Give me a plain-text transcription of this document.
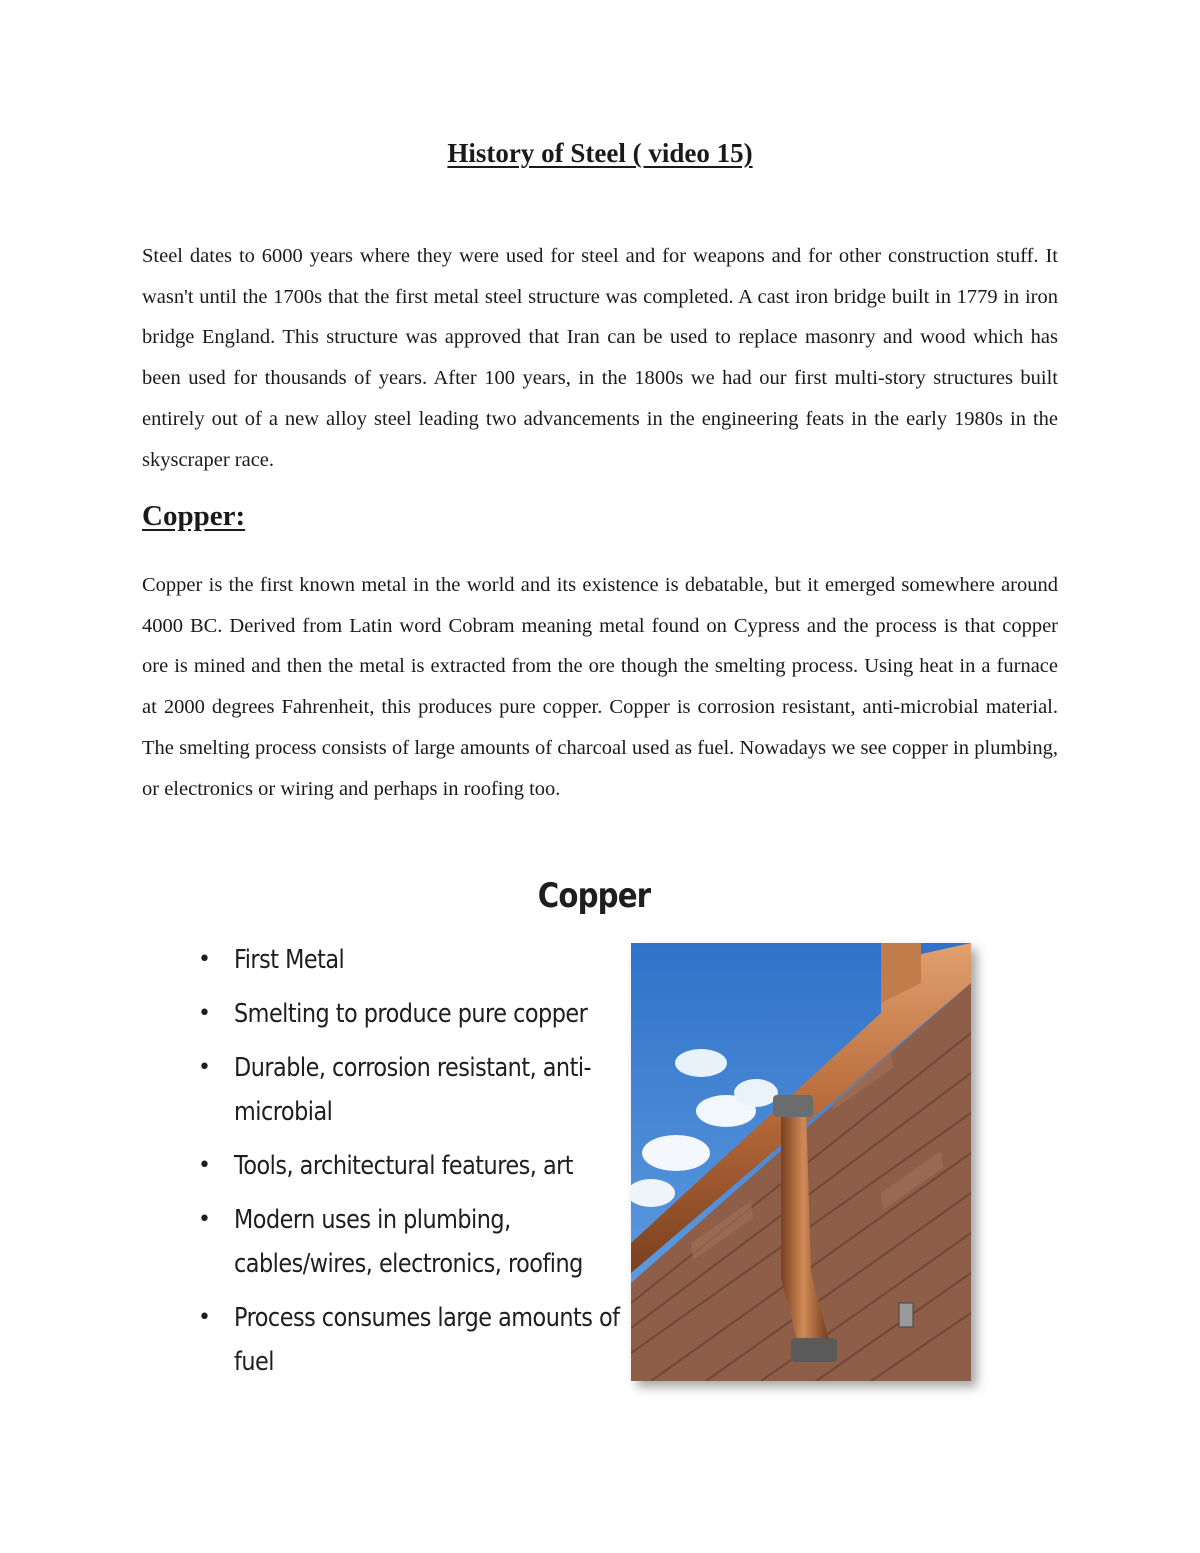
History of Steel ( video 15)

Steel dates to 6000 years where they were used for steel and for weapons and for other construction stuff. It wasn't until the 1700s that the first metal steel structure was completed. A cast iron bridge built in 1779 in iron bridge England. This structure was approved that Iran can be used to replace masonry and wood which has been used for thousands of years. After 100 years, in the 1800s we had our first multi-story structures built entirely out of a new alloy steel leading two advancements in the engineering feats in the early 1980s in the skyscraper race.

Copper:

Copper is the first known metal in the world and its existence is debatable, but it emerged somewhere around 4000 BC. Derived from Latin word Cobram meaning metal found on Cypress and the process is that copper ore is mined and then the metal is extracted from the ore though the smelting process. Using heat in a furnace at 2000 degrees Fahrenheit, this produces pure copper. Copper is corrosion resistant, anti-microbial material. The smelting process consists of large amounts of charcoal used as fuel. Nowadays we see copper in plumbing, or electronics or wiring and perhaps in roofing too.

Copper
• First Metal
• Smelting to produce pure copper
• Durable, corrosion resistant, anti-microbial
• Tools, architectural features, art
• Modern uses in plumbing, cables/wires, electronics, roofing
• Process consumes large amounts of fuel
